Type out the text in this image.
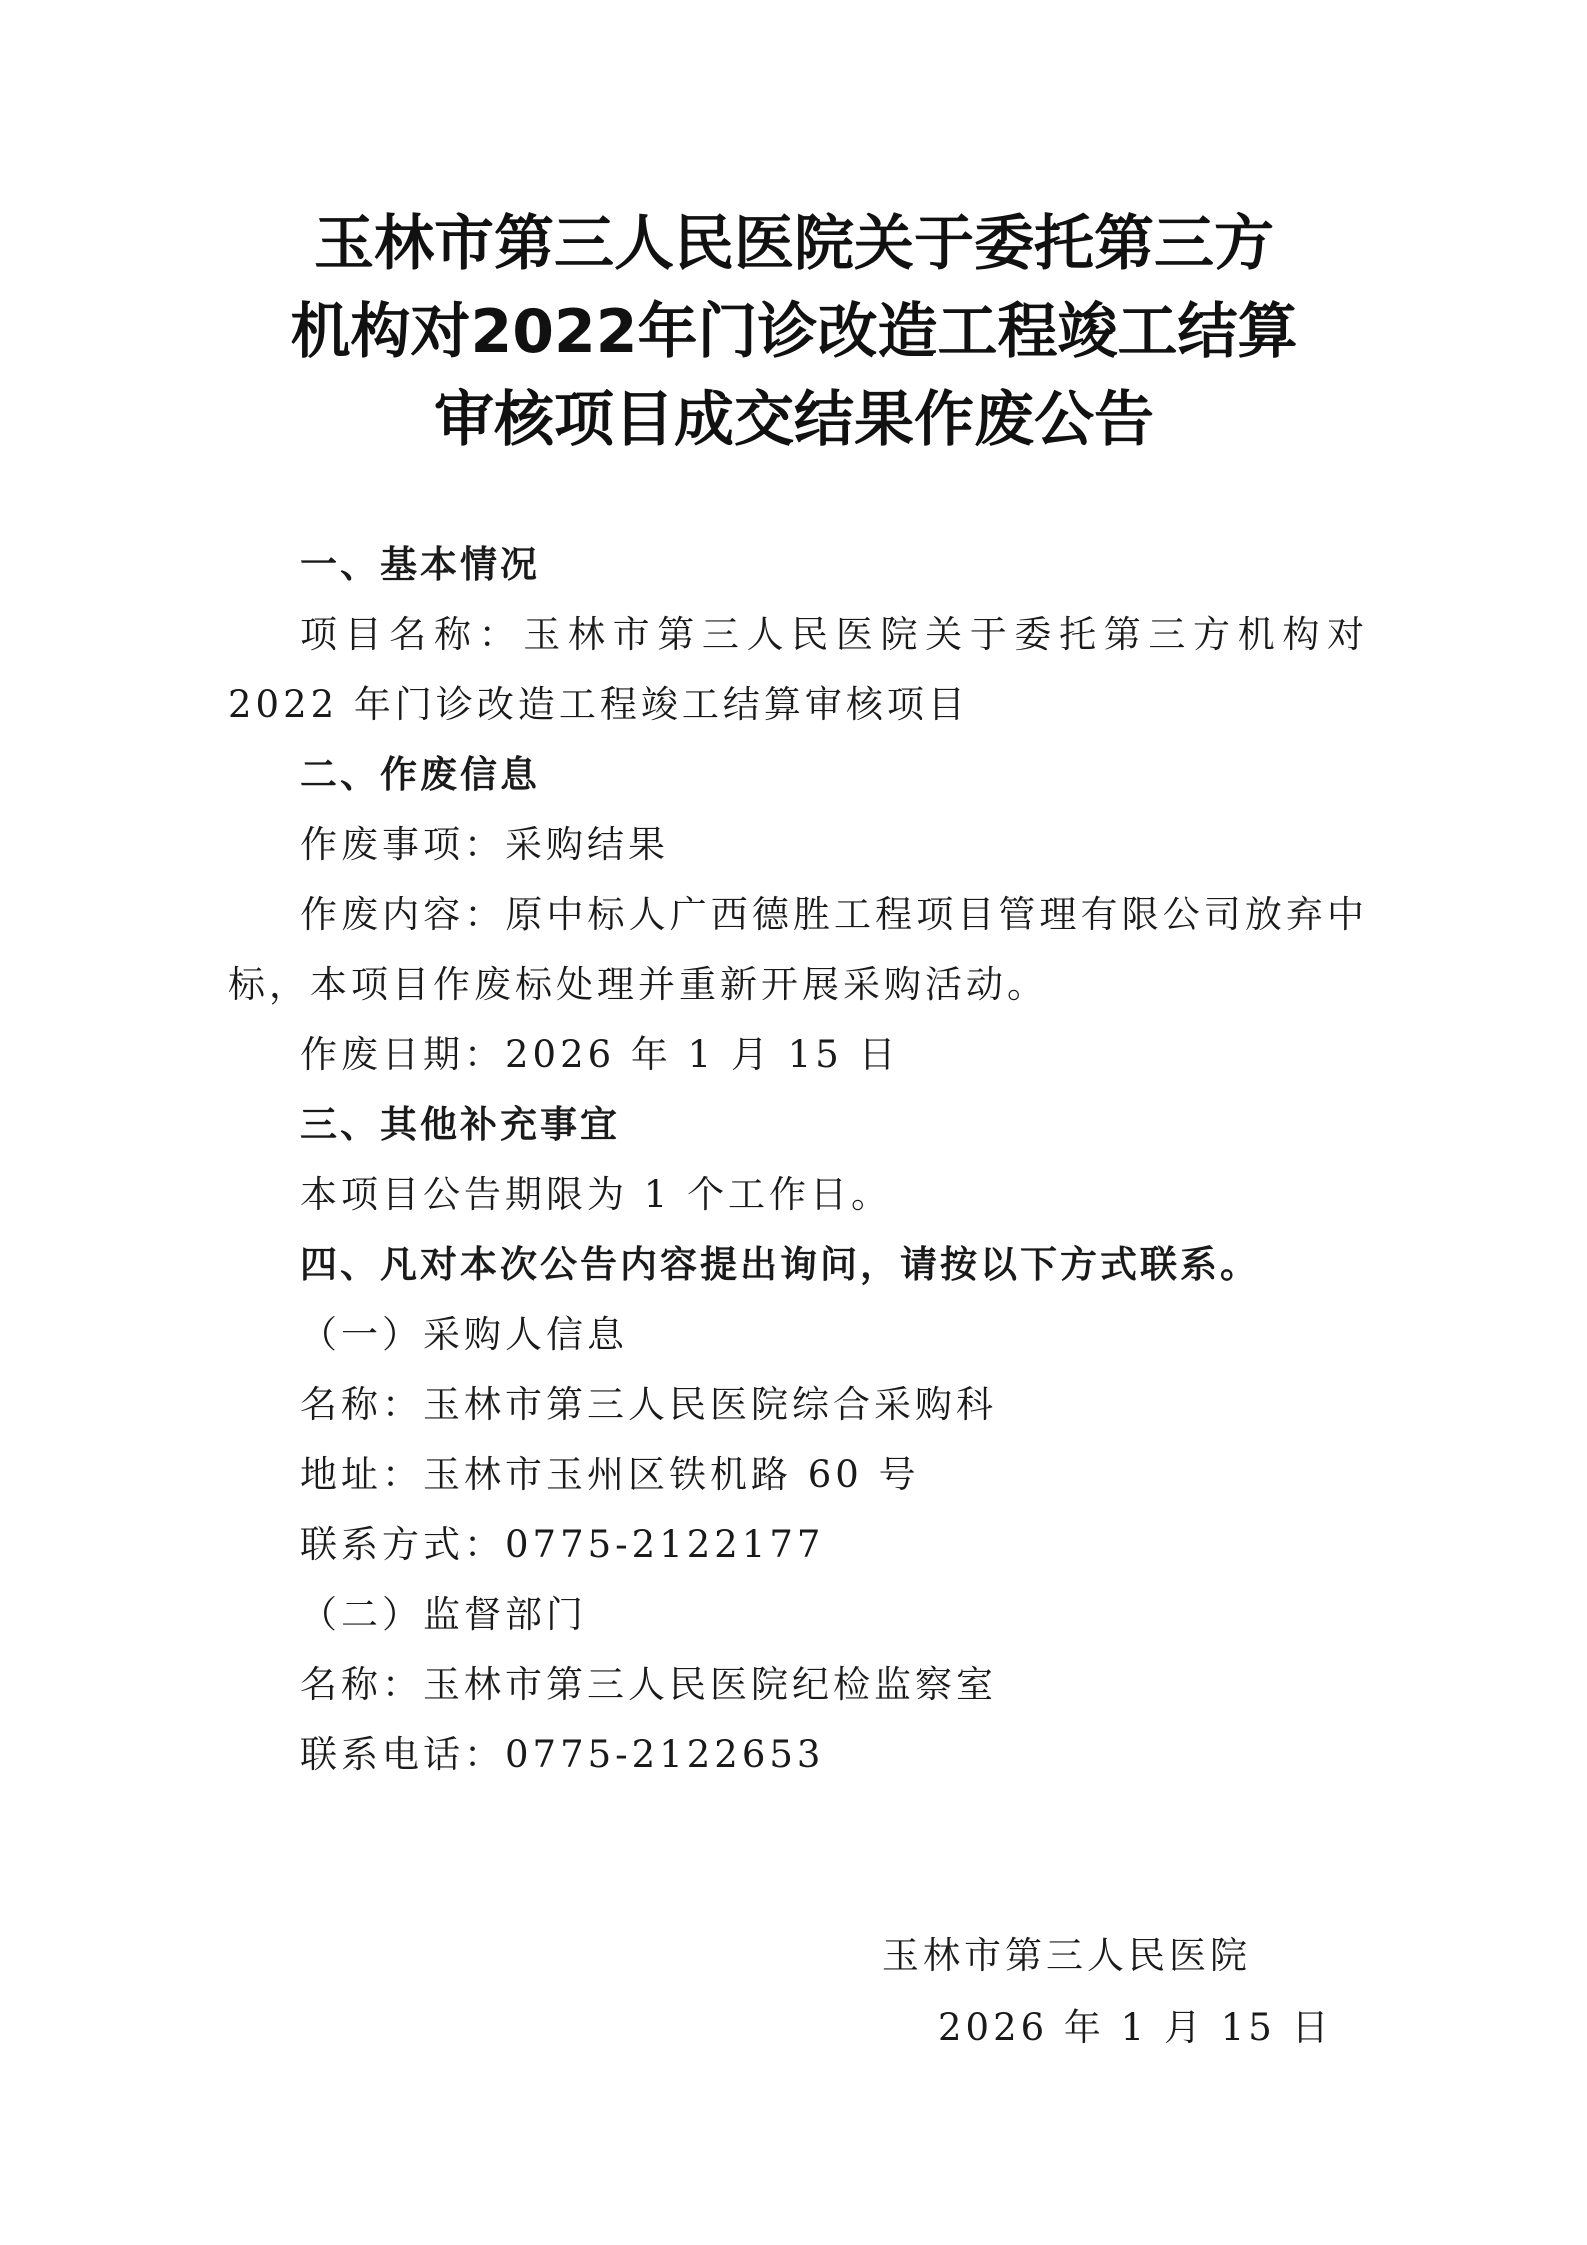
玉林市第三人民医院关于委托第三方
机构对2022年门诊改造工程竣工结算
审核项目成交结果作废公告
一、基本情况
项目名称：玉林市第三人民医院关于委托第三方机构对 2022 年门诊改造工程竣工结算审核项目
二、作废信息
作废事项：采购结果
作废内容：原中标人广西德胜工程项目管理有限公司放弃中标，本项目作废标处理并重新开展采购活动。
作废日期：2026 年 1 月 15 日
三、其他补充事宜
本项目公告期限为 1 个工作日。
四、凡对本次公告内容提出询问，请按以下方式联系。
（一）采购人信息
名称：玉林市第三人民医院综合采购科
地址：玉林市玉州区铁机路 60 号
联系方式：0775-2122177
（二）监督部门
名称：玉林市第三人民医院纪检监察室
联系电话：0775-2122653
玉林市第三人民医院
2026 年 1 月 15 日
